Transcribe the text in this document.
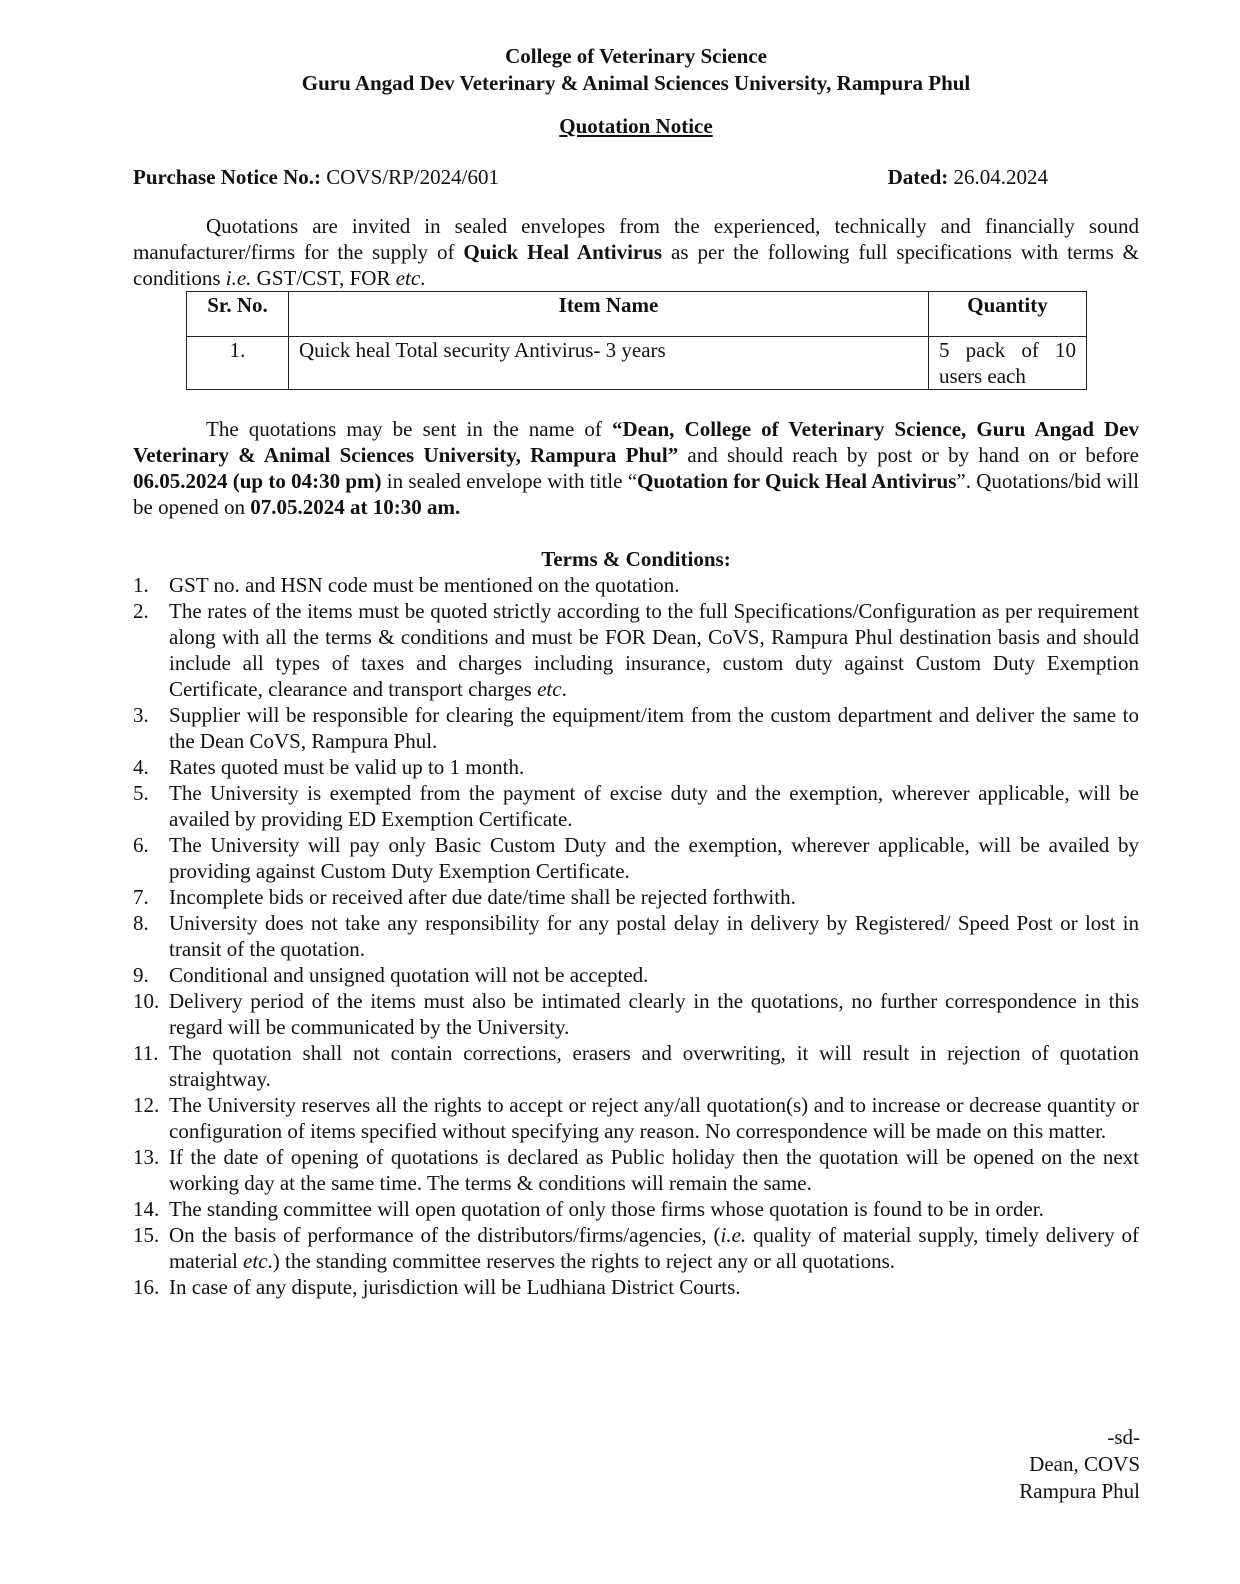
College of Veterinary Science
Guru Angad Dev Veterinary & Animal Sciences University, Rampura Phul
Quotation Notice
Purchase Notice No.: COVS/RP/2024/601	Dated: 26.04.2024

Quotations are invited in sealed envelopes from the experienced, technically and financially sound manufacturer/firms for the supply of Quick Heal Antivirus as per the following full specifications with terms & conditions i.e. GST/CST, FOR etc.

Sr. No.	Item Name	Quantity
1.	Quick heal Total security Antivirus- 3 years	5 pack of 10 users each

The quotations may be sent in the name of “Dean, College of Veterinary Science, Guru Angad Dev Veterinary & Animal Sciences University, Rampura Phul” and should reach by post or by hand on or before 06.05.2024 (up to 04:30 pm) in sealed envelope with title “Quotation for Quick Heal Antivirus”. Quotations/bid will be opened on 07.05.2024 at 10:30 am.

Terms & Conditions:
1. GST no. and HSN code must be mentioned on the quotation.
2. The rates of the items must be quoted strictly according to the full Specifications/Configuration as per requirement along with all the terms & conditions and must be FOR Dean, CoVS, Rampura Phul destination basis and should include all types of taxes and charges including insurance, custom duty against Custom Duty Exemption Certificate, clearance and transport charges etc.
3. Supplier will be responsible for clearing the equipment/item from the custom department and deliver the same to the Dean CoVS, Rampura Phul.
4. Rates quoted must be valid up to 1 month.
5. The University is exempted from the payment of excise duty and the exemption, wherever applicable, will be availed by providing ED Exemption Certificate.
6. The University will pay only Basic Custom Duty and the exemption, wherever applicable, will be availed by providing against Custom Duty Exemption Certificate.
7. Incomplete bids or received after due date/time shall be rejected forthwith.
8. University does not take any responsibility for any postal delay in delivery by Registered/ Speed Post or lost in transit of the quotation.
9. Conditional and unsigned quotation will not be accepted.
10. Delivery period of the items must also be intimated clearly in the quotations, no further correspondence in this regard will be communicated by the University.
11. The quotation shall not contain corrections, erasers and overwriting, it will result in rejection of quotation straightway.
12. The University reserves all the rights to accept or reject any/all quotation(s) and to increase or decrease quantity or configuration of items specified without specifying any reason. No correspondence will be made on this matter.
13. If the date of opening of quotations is declared as Public holiday then the quotation will be opened on the next working day at the same time. The terms & conditions will remain the same.
14. The standing committee will open quotation of only those firms whose quotation is found to be in order.
15. On the basis of performance of the distributors/firms/agencies, (i.e. quality of material supply, timely delivery of material etc.) the standing committee reserves the rights to reject any or all quotations.
16. In case of any dispute, jurisdiction will be Ludhiana District Courts.
-sd-
Dean, COVS
Rampura Phul
